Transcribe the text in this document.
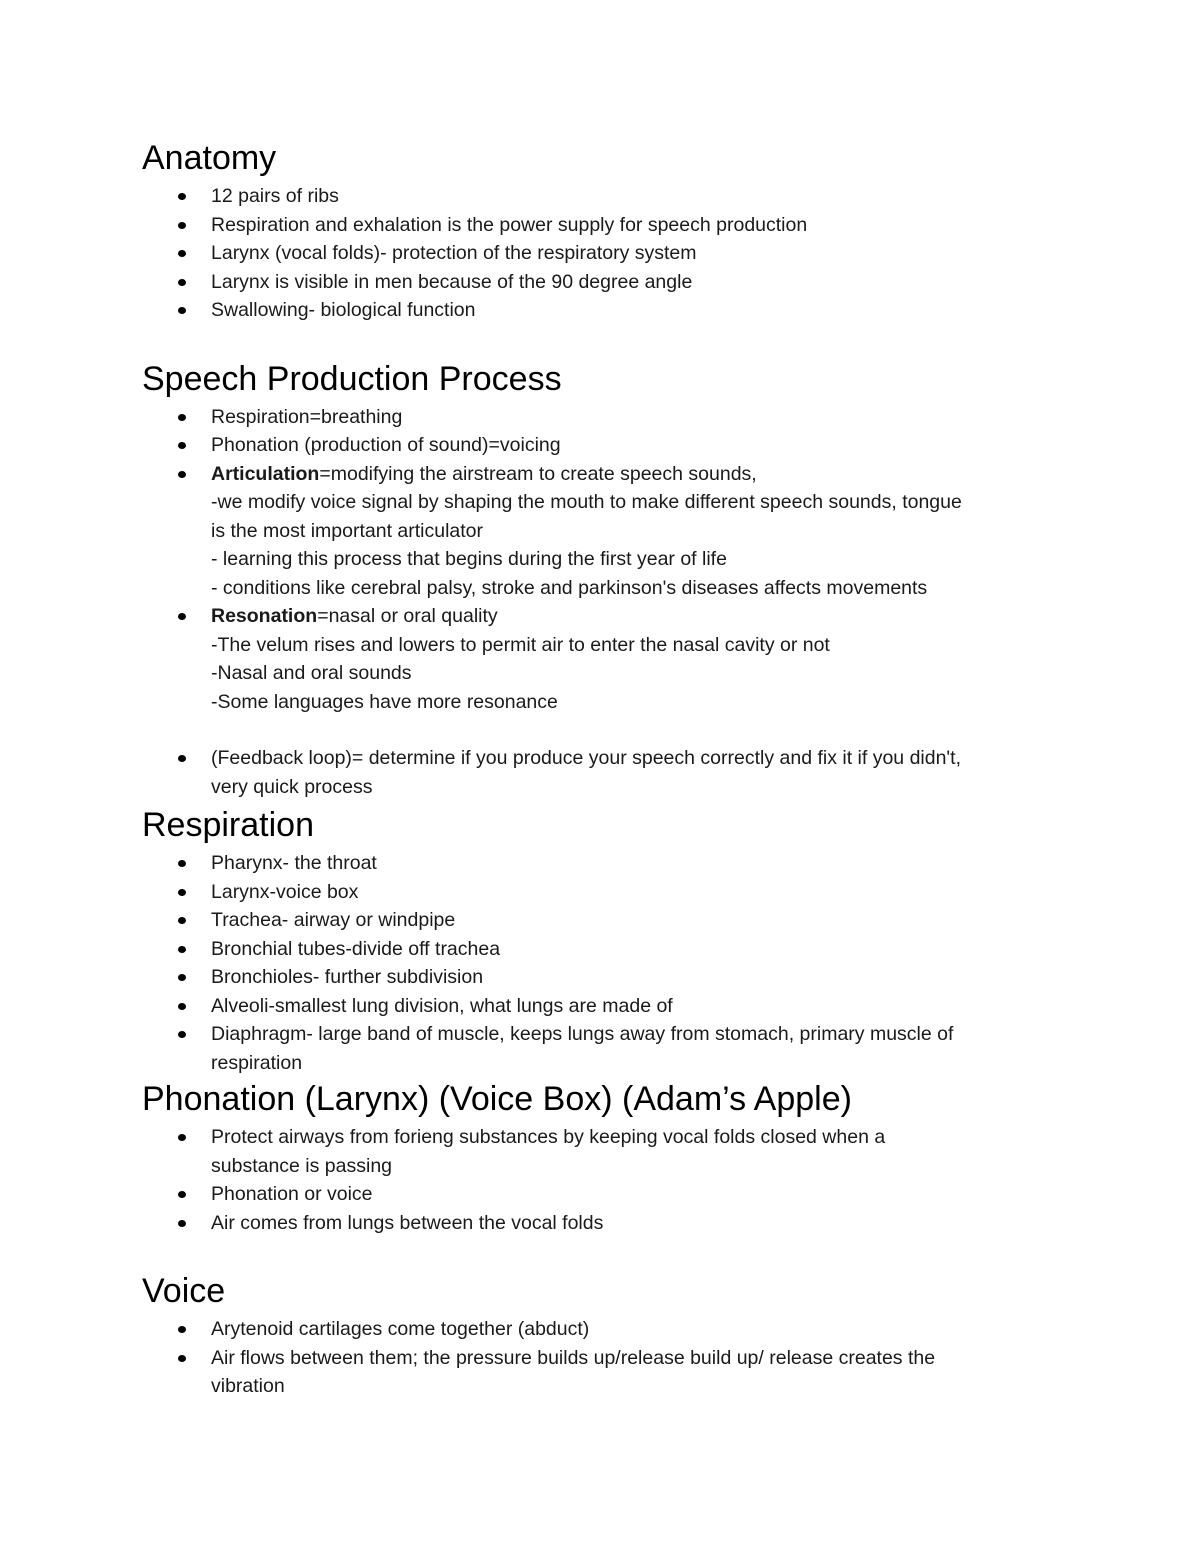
Anatomy
12 pairs of ribs
Respiration and exhalation is the power supply for speech production
Larynx (vocal folds)- protection of the respiratory system
Larynx is visible in men because of the 90 degree angle
Swallowing- biological function
Speech Production Process
Respiration=breathing
Phonation (production of sound)=voicing
Articulation=modifying the airstream to create speech sounds,
-we modify voice signal by shaping the mouth to make different speech sounds, tongue
is the most important articulator
- learning this process that begins during the first year of life
- conditions like cerebral palsy, stroke and parkinson's diseases affects movements
Resonation=nasal or oral quality
-The velum rises and lowers to permit air to enter the nasal cavity or not
-Nasal and oral sounds
-Some languages have more resonance
(Feedback loop)= determine if you produce your speech correctly and fix it if you didn't,
very quick process
Respiration
Pharynx- the throat
Larynx-voice box
Trachea- airway or windpipe
Bronchial tubes-divide off trachea
Bronchioles- further subdivision
Alveoli-smallest lung division, what lungs are made of
Diaphragm- large band of muscle, keeps lungs away from stomach, primary muscle of
respiration
Phonation (Larynx) (Voice Box) (Adam’s Apple)
Protect airways from forieng substances by keeping vocal folds closed when a
substance is passing
Phonation or voice
Air comes from lungs between the vocal folds
Voice
Arytenoid cartilages come together (abduct)
Air flows between them; the pressure builds up/release build up/ release creates the
vibration
